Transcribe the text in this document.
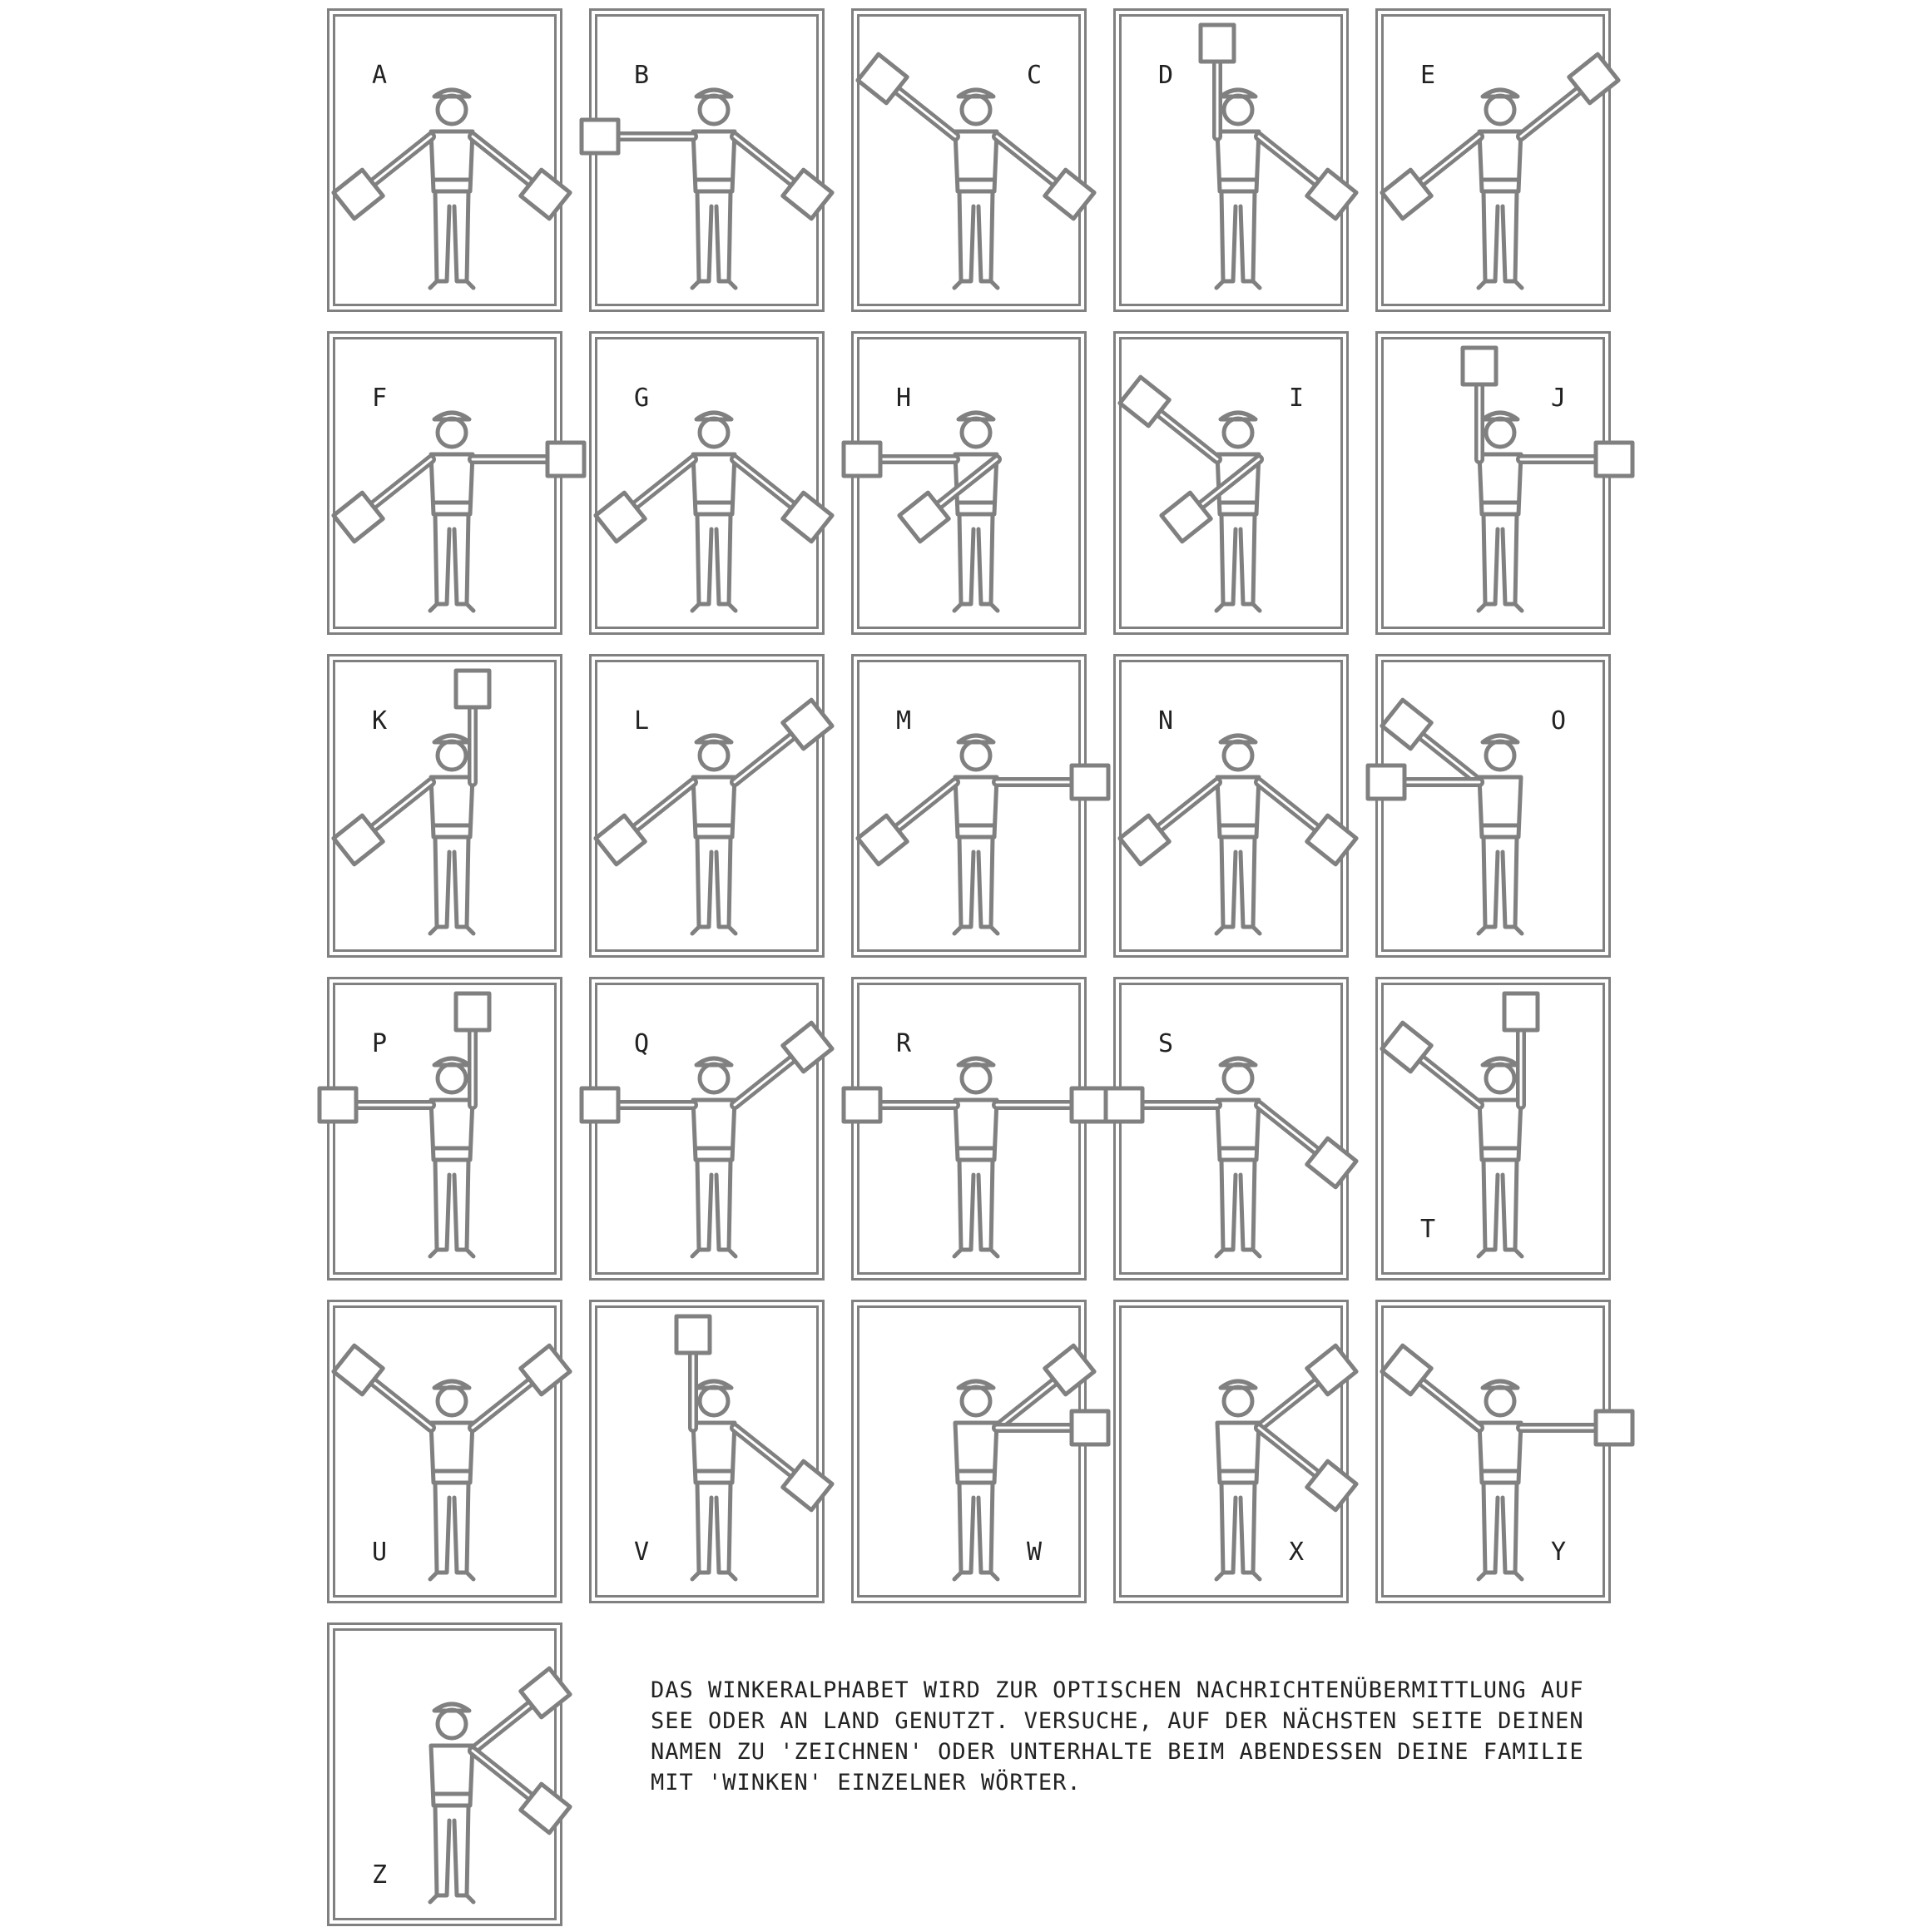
A	B	C	D	E
F	G	H	I	J
K	L	M	N	O
P	Q	R	S
T
U	V	W	X	Y
Z
DAS WINKERALPHABET WIRD ZUR OPTISCHEN NACHRICHTENÜBERMITTLUNG AUF
SEE ODER AN LAND GENUTZT. VERSUCHE, AUF DER NÄCHSTEN SEITE DEINEN
NAMEN ZU 'ZEICHNEN' ODER UNTERHALTE BEIM ABENDESSEN DEINE FAMILIE
MIT 'WINKEN' EINZELNER WÖRTER.
